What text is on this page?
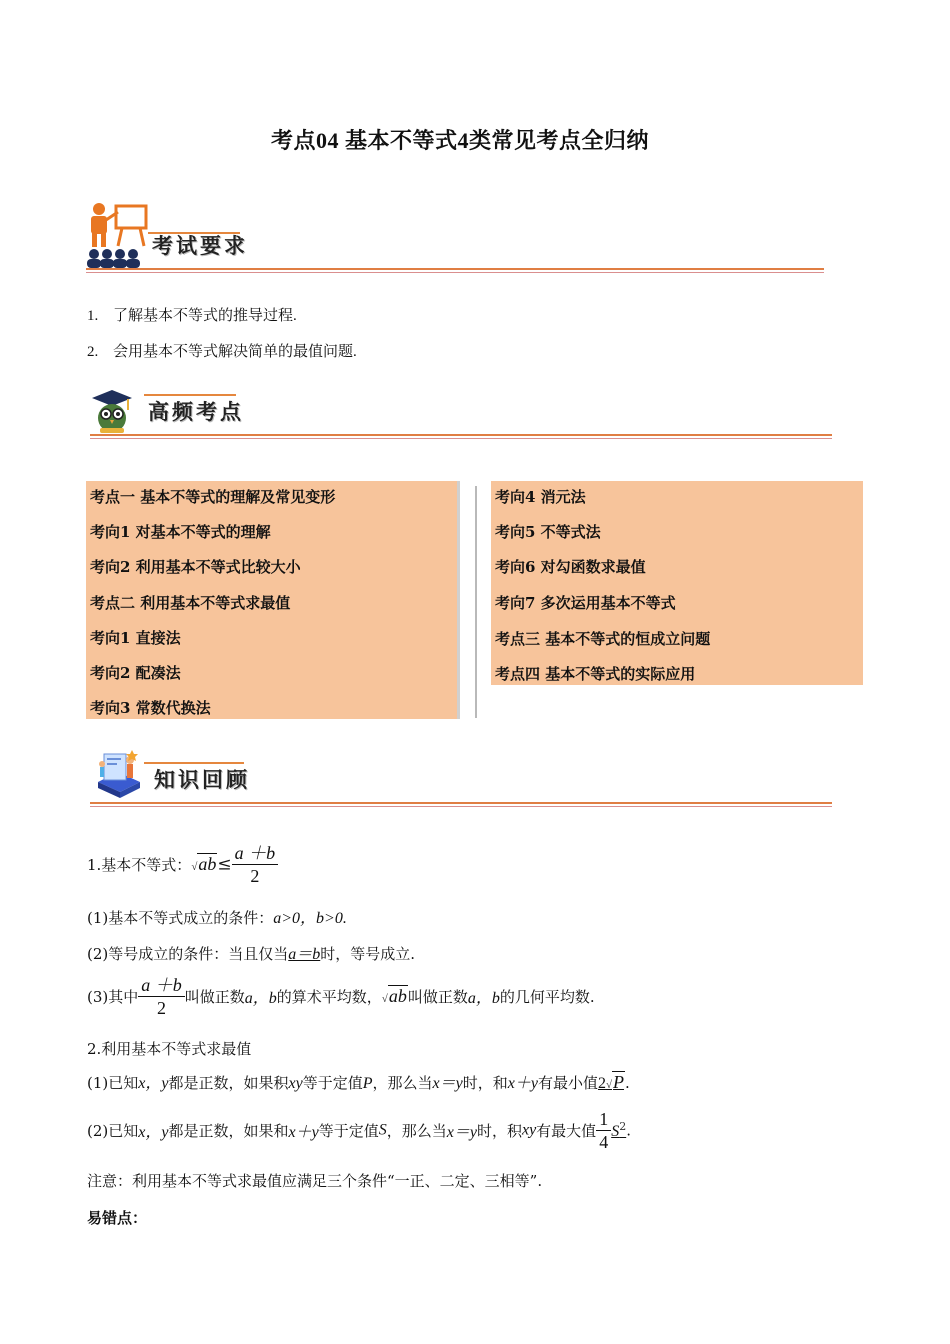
考点04 基本不等式4类常见考点全归纳
考试要求
1. 了解基本不等式的推导过程.
2. 会用基本不等式解决简单的最值问题.
高频考点
考点一 基本不等式的理解及常见变形
考向1 对基本不等式的理解
考向2 利用基本不等式比较大小
考点二 利用基本不等式求最值
考向1 直接法
考向2 配凑法
考向3 常数代换法
考向4 消元法
考向5 不等式法
考向6 对勾函数求最值
考向7 多次运用基本不等式
考点三 基本不等式的恒成立问题
考点四 基本不等式的实际应用
知识回顾
1.基本不等式：$√ab\le \frac{a +b}{2}$
(1)基本不等式成立的条件：a>0，b>0.
(2)等号成立的条件：当且仅当a＝b时，等号成立.
(3)其中 $\frac{a +b}{2}$ 叫做正数a，b的算术平均数，√ab叫做正数a，b的几何平均数.
2.利用基本不等式求最值
(1)已知x，y都是正数，如果积xy等于定值P，那么当x＝y时，和x＋y有最小值2√P.
(2)已知x，y都是正数，如果和x＋y等于定值S，那么当x＝y时，积xy有最大值 $\frac{1}{4} S^2$.
注意：利用基本不等式求最值应满足三个条件“一正、二定、三相等”.
易错点：
